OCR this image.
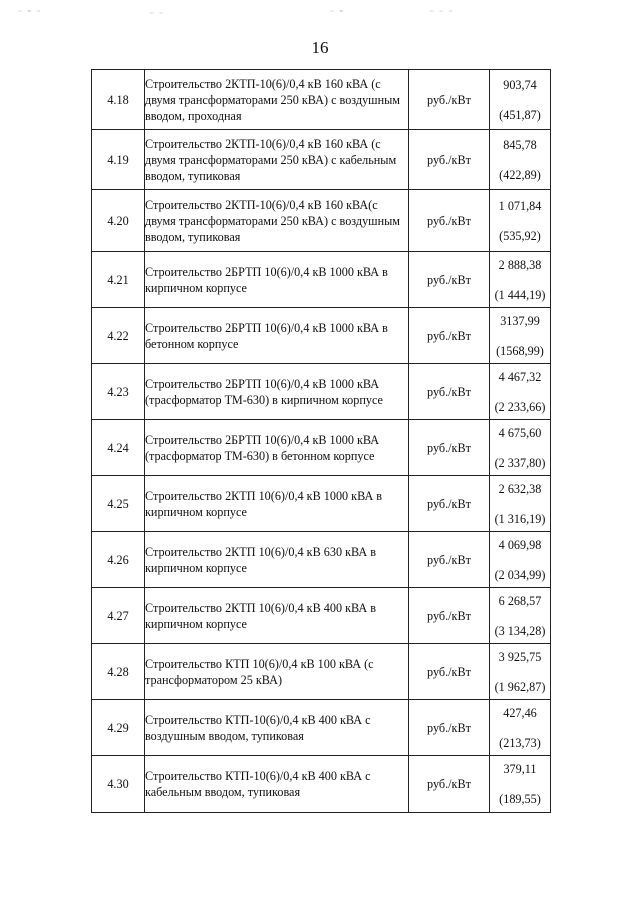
⋯ ≈ ⋯	⋯ ⋯	⋯ ≈	⋯ ⋯ ⋯
16
4.18	Строительство 2КТП-10(6)/0,4 кВ 160 кВА (с двумя трансформаторами 250 кВА) с воздушным вводом, проходная	руб./кВт	903,74
(451,87)

4.19	Строительство 2КТП-10(6)/0,4 кВ 160 кВА (с двумя трансформаторами 250 кВА) с кабельным вводом, тупиковая	руб./кВт	845,78
(422,89)

4.20	Строительство 2КТП-10(6)/0,4 кВ 160 кВА(с двумя трансформаторами 250 кВА) с воздушным вводом, тупиковая	руб./кВт	1 071,84
(535,92)

4.21	Строительство 2БРТП 10(6)/0,4 кВ 1000 кВА в кирпичном корпусе	руб./кВт	2 888,38
(1 444,19)

4.22	Строительство 2БРТП 10(6)/0,4 кВ 1000 кВА в бетонном корпусе	руб./кВт	3137,99
(1568,99)

4.23	Строительство 2БРТП 10(6)/0,4 кВ 1000 кВА (трасформатор ТМ-630) в кирпичном корпусе	руб./кВт	4 467,32
(2 233,66)

4.24	Строительство 2БРТП 10(6)/0,4 кВ 1000 кВА (трасформатор ТМ-630) в бетонном корпусе	руб./кВт	4 675,60
(2 337,80)

4.25	Строительство 2КТП 10(6)/0,4 кВ 1000 кВА в кирпичном корпусе	руб./кВт	2 632,38
(1 316,19)

4.26	Строительство 2КТП 10(6)/0,4 кВ 630 кВА в кирпичном корпусе	руб./кВт	4 069,98
(2 034,99)

4.27	Строительство 2КТП 10(6)/0,4 кВ 400 кВА в кирпичном корпусе	руб./кВт	6 268,57
(3 134,28)

4.28	Строительство КТП 10(6)/0,4 кВ 100 кВА (с трансформатором 25 кВА)	руб./кВт	3 925,75
(1 962,87)

4.29	Строительство КТП-10(6)/0,4 кВ 400 кВА с воздушным вводом, тупиковая	руб./кВт	427,46
(213,73)

4.30	Строительство КТП-10(6)/0,4 кВ 400 кВА с кабельным вводом, тупиковая	руб./кВт	379,11
(189,55)
